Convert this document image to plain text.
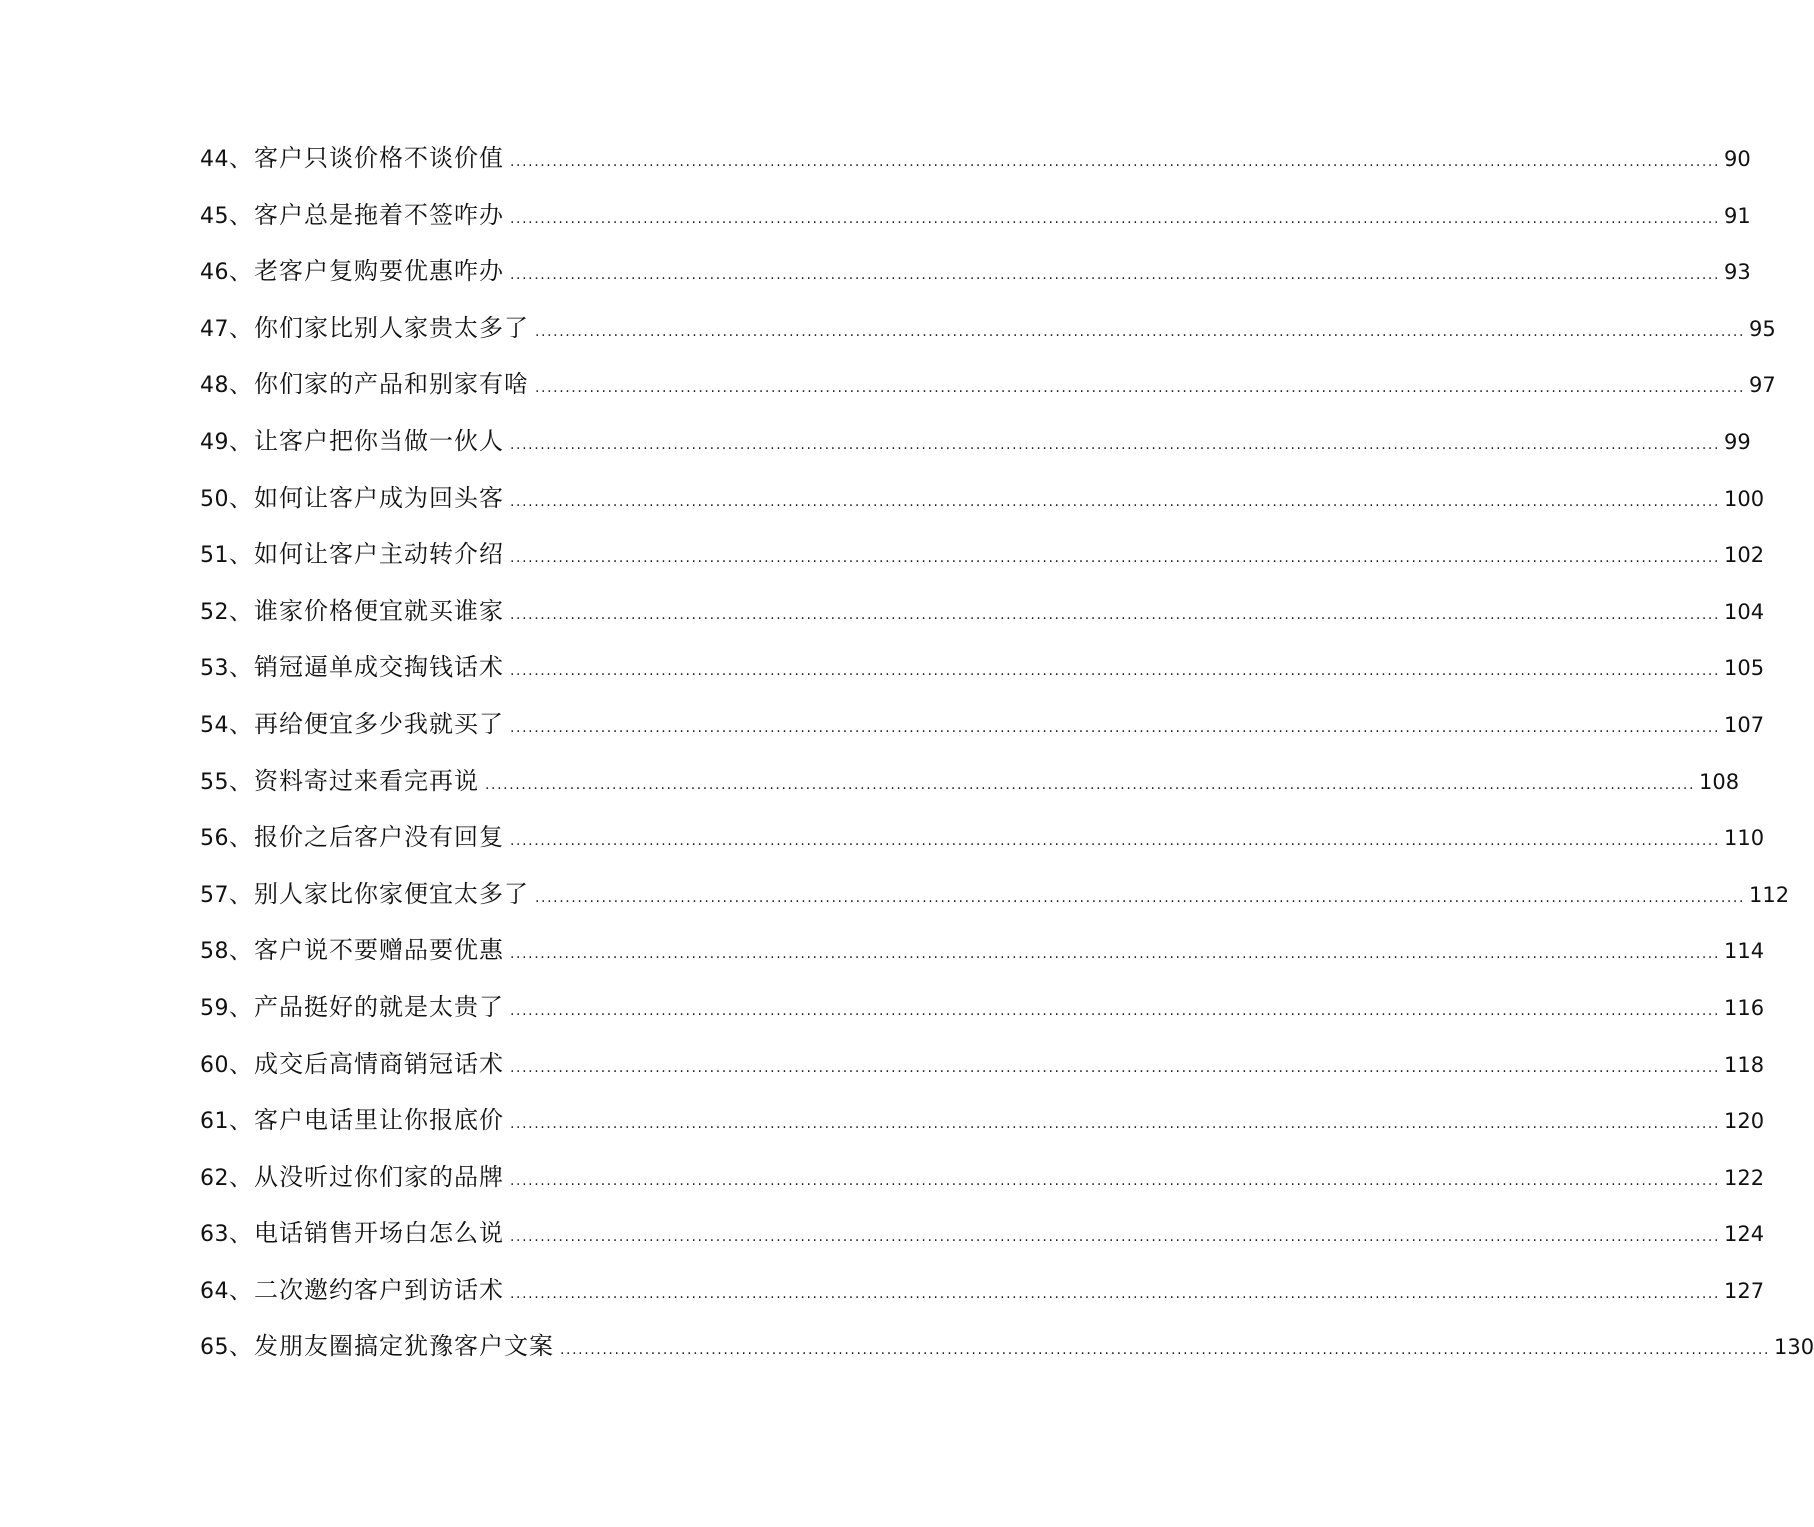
44 、 客户只谈价格不谈价值 ........................................................................................................................................................................................................ 90
45 、 客户总是拖着不签咋办 ........................................................................................................................................................................................................ 91
46 、 老客户复购要优惠咋办 ........................................................................................................................................................................................................ 93
47 、 你们家比别人家贵太多了 ........................................................................................................................................................................................................ 95
48 、 你们家的产品和别家有啥 ........................................................................................................................................................................................................ 97
49 、 让客户把你当做一伙人 ........................................................................................................................................................................................................ 99
50 、 如何让客户成为回头客 ........................................................................................................................................................................................................ 100
51 、 如何让客户主动转介绍 ........................................................................................................................................................................................................ 102
52 、 谁家价格便宜就买谁家 ........................................................................................................................................................................................................ 104
53 、 销冠逼单成交掏钱话术 ........................................................................................................................................................................................................ 105
54 、 再给便宜多少我就买了 ........................................................................................................................................................................................................ 107
55 、 资料寄过来看完再说 ........................................................................................................................................................................................................ 108
56 、 报价之后客户没有回复 ........................................................................................................................................................................................................ 110
57 、 别人家比你家便宜太多了 ........................................................................................................................................................................................................ 112
58 、 客户说不要赠品要优惠 ........................................................................................................................................................................................................ 114
59 、 产品挺好的就是太贵了 ........................................................................................................................................................................................................ 116
60 、 成交后高情商销冠话术 ........................................................................................................................................................................................................ 118
61 、 客户电话里让你报底价 ........................................................................................................................................................................................................ 120
62 、 从没听过你们家的品牌 ........................................................................................................................................................................................................ 122
63 、 电话销售开场白怎么说 ........................................................................................................................................................................................................ 124
64 、 二次邀约客户到访话术 ........................................................................................................................................................................................................ 127
65 、 发朋友圈搞定犹豫客户文案 ........................................................................................................................................................................................................ 130
